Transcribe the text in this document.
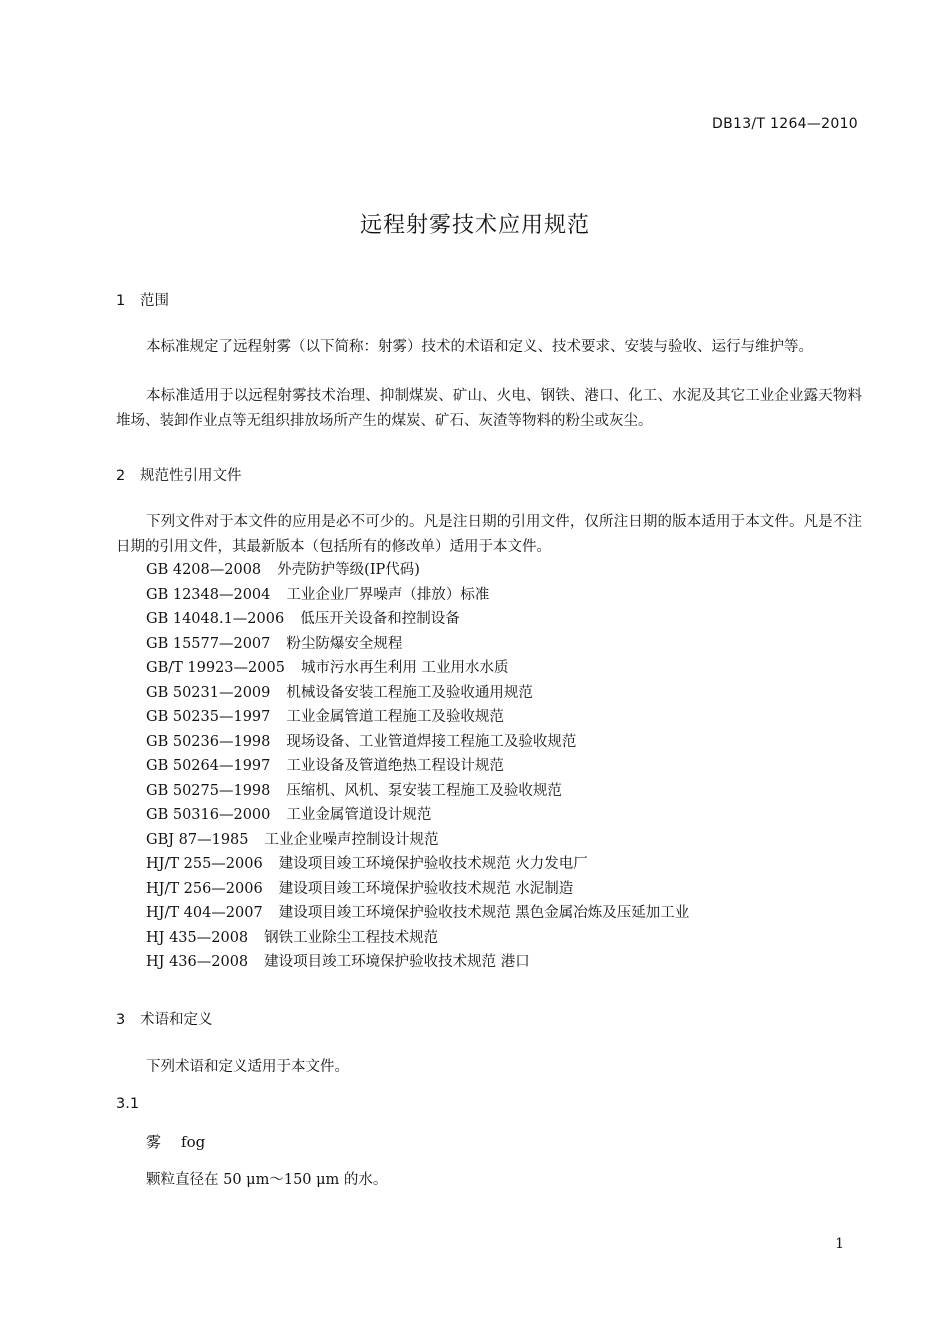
DB13/T 1264—2010
远程射雾技术应用规范
1 范围
本标准规定了远程射雾（以下简称：射雾）技术的术语和定义、技术要求、安装与验收、运行与维护等。
本标准适用于以远程射雾技术治理、抑制煤炭、矿山、火电、钢铁、港口、化工、水泥及其它工业企业露天物料堆场、装卸作业点等无组织排放场所产生的煤炭、矿石、灰渣等物料的粉尘或灰尘。
2 规范性引用文件
下列文件对于本文件的应用是必不可少的。凡是注日期的引用文件，仅所注日期的版本适用于本文件。凡是不注日期的引用文件，其最新版本（包括所有的修改单）适用于本文件。
GB 4208—2008 外壳防护等级(IP代码)
GB 12348—2004 工业企业厂界噪声（排放）标准
GB 14048.1—2006 低压开关设备和控制设备
GB 15577—2007 粉尘防爆安全规程
GB/T 19923—2005 城市污水再生利用 工业用水水质
GB 50231—2009 机械设备安装工程施工及验收通用规范
GB 50235—1997 工业金属管道工程施工及验收规范
GB 50236—1998 现场设备、工业管道焊接工程施工及验收规范
GB 50264—1997 工业设备及管道绝热工程设计规范
GB 50275—1998 压缩机、风机、泵安装工程施工及验收规范
GB 50316—2000 工业金属管道设计规范
GBJ 87—1985 工业企业噪声控制设计规范
HJ/T 255—2006 建设项目竣工环境保护验收技术规范 火力发电厂
HJ/T 256—2006 建设项目竣工环境保护验收技术规范 水泥制造
HJ/T 404—2007 建设项目竣工环境保护验收技术规范 黑色金属冶炼及压延加工业
HJ 435—2008 钢铁工业除尘工程技术规范
HJ 436—2008 建设项目竣工环境保护验收技术规范 港口
3 术语和定义
下列术语和定义适用于本文件。
3.1
雾 fog
颗粒直径在 50 μm～150 μm 的水。
1
